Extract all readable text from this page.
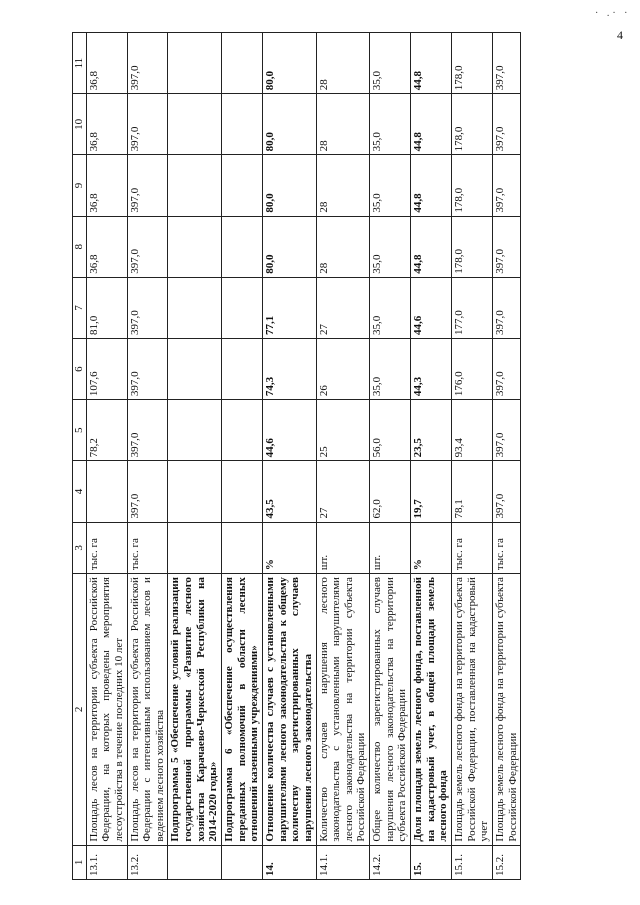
4
· .· ·
1	2	3	4	5	6	7	8	9	10	11
13.1.	Площадь лесов на территории субъекта Российской Федерации, на которых проведены мероприятия лесоустройства в течение последних 10 лет	тыс. га		78,2	107,6	81,0	36,8	36,8	36,8	36,8
13.2.	Площадь лесов на территории субъекта Российской Федерации с интенсивным использованием лесов и ведением лесного хозяйства	тыс. га	397,0	397,0	397,0	397,0	397,0	397,0	397,0	397,0
	Подпрограмма 5 «Обеспечение условий реализации государственной программы «Развитие лесного хозяйства Карачаево-Черкесской Республики на 2014-2020 годы»									
	Подпрограмма 6 «Обеспечение осуществления переданных полномочий в области лесных отношений казенными учреждениями»									
14.	Отношение количества случаев с установленными нарушителями лесного законодательства к общему количеству зарегистрированных случаев нарушения лесного законодательства	%	43,5	44,6	74,3	77,1	80,0	80,0	80,0	80,0
14.1.	Количество случаев нарушения лесного законодательства с установленными нарушителями лесного законодательства на территории субъекта Российской Федерации	шт.	27	25	26	27	28	28	28	28
14.2.	Общее количество зарегистрированных случаев нарушения лесного законодательства на территории субъекта Российской Федерации	шт.	62,0	56,0	35,0	35,0	35,0	35,0	35,0	35,0
15.	Доля площади земель лесного фонда, поставленной на кадастровый учет, в общей площади земель лесного фонда	%	19,7	23,5	44,3	44,6	44,8	44,8	44,8	44,8
15.1.	Площадь земель лесного фонда на территории субъекта Российской Федерации, поставленная на кадастровый учет	тыс. га	78,1	93,4	176,0	177,0	178,0	178,0	178,0	178,0
15.2.	Площадь земель лесного фонда на территории субъекта Российской Федерации	тыс. га	397,0	397,0	397,0	397,0	397,0	397,0	397,0	397,0
